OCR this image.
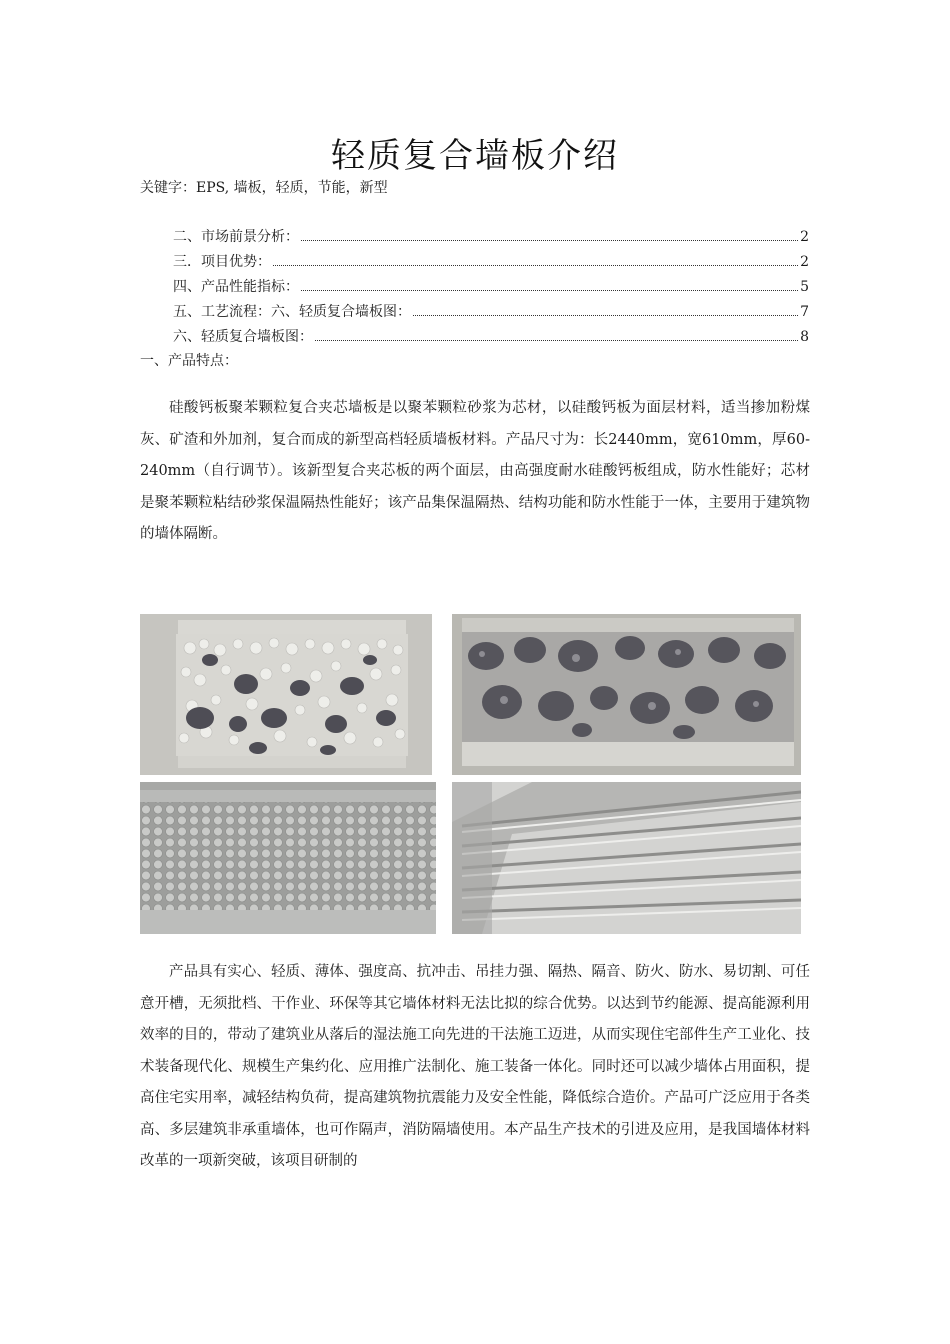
轻质复合墙板介绍
关键字：EPS, 墙板，轻质，节能，新型
二、市场前景分析：	2
三．项目优势：	2
四、产品性能指标：	5
五、工艺流程：六、轻质复合墙板图：	7
六、轻质复合墙板图：	8
一、产品特点：

硅酸钙板聚苯颗粒复合夹芯墙板是以聚苯颗粒砂浆为芯材，以硅酸钙板为面层材料，适当掺加粉煤灰、矿渣和外加剂，复合而成的新型高档轻质墙板材料。产品尺寸为：长2440mm，宽610mm，厚60-240mm（自行调节）。该新型复合夹芯板的两个面层，由高强度耐水硅酸钙板组成，防水性能好；芯材是聚苯颗粒粘结砂浆保温隔热性能好；该产品集保温隔热、结构功能和防水性能于一体，主要用于建筑物的墙体隔断。

产品具有实心、轻质、薄体、强度高、抗冲击、吊挂力强、隔热、隔音、防火、防水、易切割、可任意开槽，无须批档、干作业、环保等其它墙体材料无法比拟的综合优势。以达到节约能源、提高能源利用效率的目的，带动了建筑业从落后的湿法施工向先进的干法施工迈进，从而实现住宅部件生产工业化、技术装备现代化、规模生产集约化、应用推广法制化、施工装备一体化。同时还可以减少墙体占用面积，提高住宅实用率，减轻结构负荷，提高建筑物抗震能力及安全性能，降低综合造价。产品可广泛应用于各类高、多层建筑非承重墙体，也可作隔声，消防隔墙使用。本产品生产技术的引进及应用，是我国墙体材料改革的一项新突破，该项目研制的
